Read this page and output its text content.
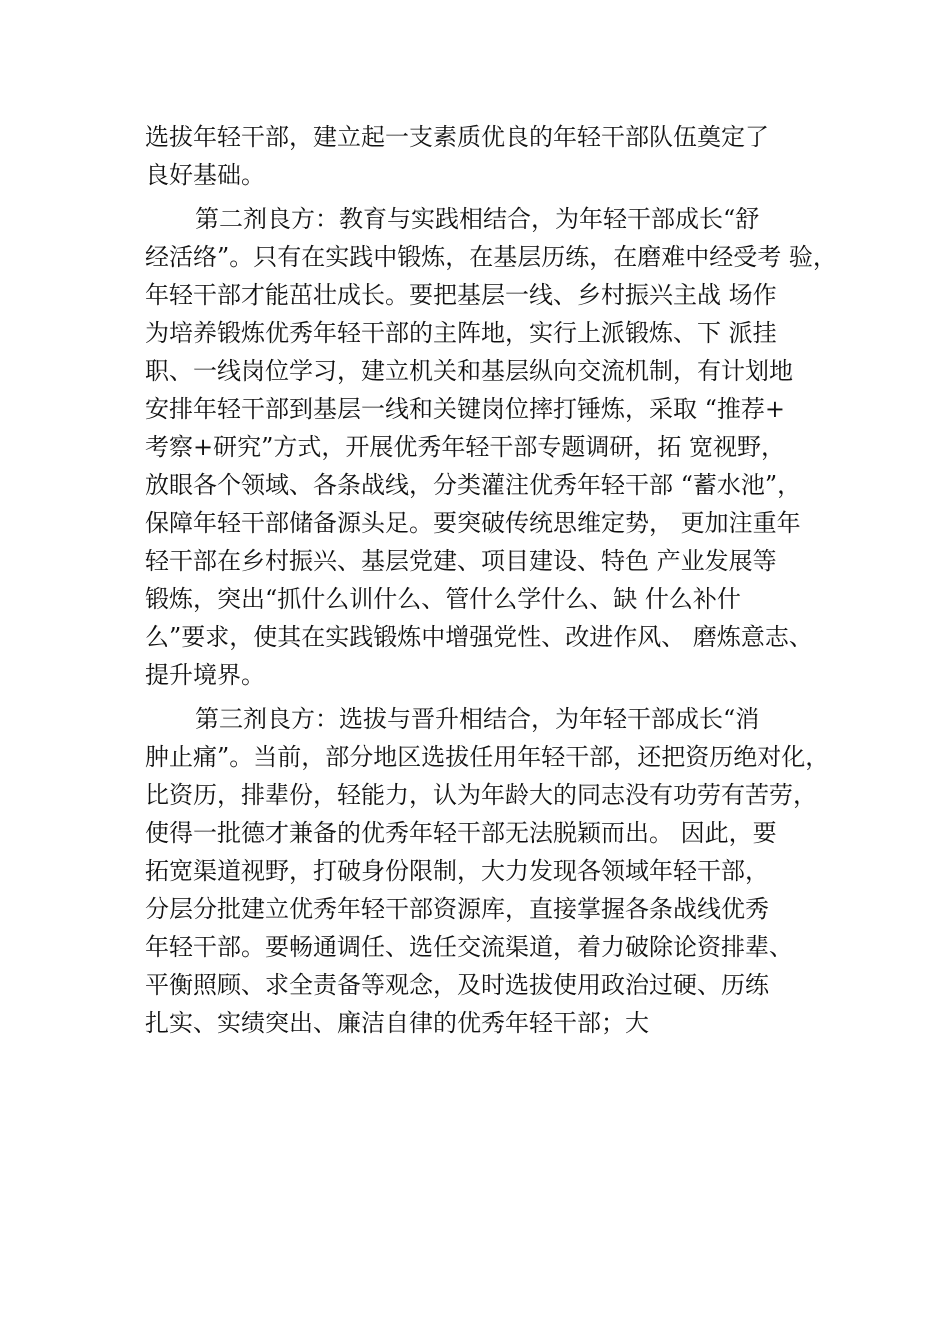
选拔年轻干部，建立起一支素质优良的年轻干部队伍奠定了
良好基础。
第二剂良方：教育与实践相结合，为年轻干部成长“舒
经活络”。只有在实践中锻炼，在基层历练，在磨难中经受考 验，
年轻干部才能茁壮成长。要把基层一线、乡村振兴主战 场作
为培养锻炼优秀年轻干部的主阵地，实行上派锻炼、下 派挂
职、一线岗位学习，建立机关和基层纵向交流机制，有计划地
安排年轻干部到基层一线和关键岗位摔打锤炼，采取 “推荐+
考察+研究”方式，开展优秀年轻干部专题调研，拓 宽视野，
放眼各个领域、各条战线，分类灌注优秀年轻干部 “蓄水池”，
保障年轻干部储备源头足。要突破传统思维定势， 更加注重年
轻干部在乡村振兴、基层党建、项目建设、特色 产业发展等
锻炼，突出“抓什么训什么、管什么学什么、缺 什么补什
么”要求，使其在实践锻炼中增强党性、改进作风、 磨炼意志、
提升境界。
第三剂良方：选拔与晋升相结合，为年轻干部成长“消
肿止痛”。当前，部分地区选拔任用年轻干部，还把资历绝对化，
比资历，排辈份，轻能力，认为年龄大的同志没有功劳有苦劳，
使得一批德才兼备的优秀年轻干部无法脱颖而出。 因此，要
拓宽渠道视野，打破身份限制，大力发现各领域年轻干部，
分层分批建立优秀年轻干部资源库，直接掌握各条战线优秀
年轻干部。要畅通调任、选任交流渠道，着力破除论资排辈、
平衡照顾、求全责备等观念，及时选拔使用政治过硬、历练
扎实、实绩突出、廉洁自律的优秀年轻干部；大
